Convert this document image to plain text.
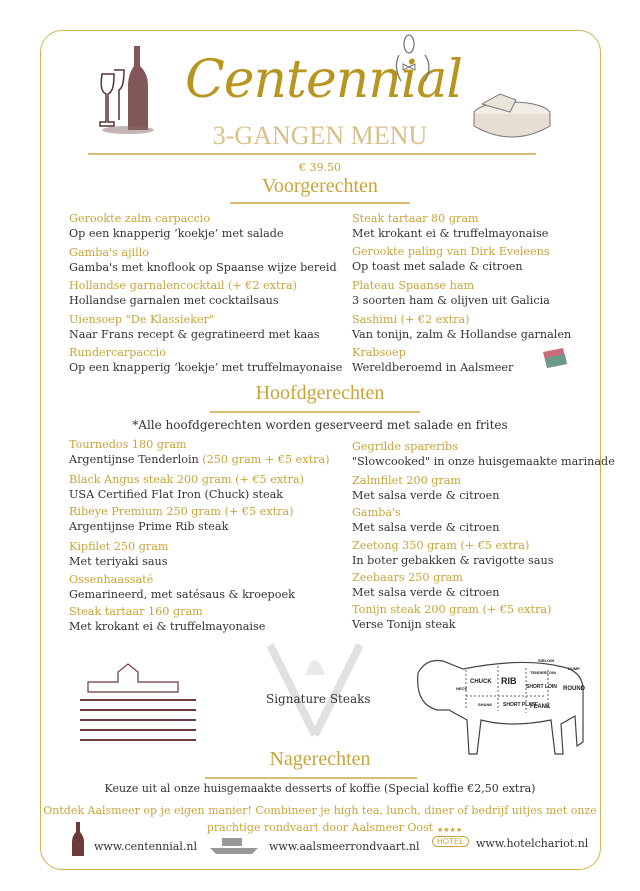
Centennial
3-GANGEN MENU
€ 39.50
Voorgerechten
Gerookte zalm carpaccio
Op een knapperig ‘koekje’ met salade
Gamba's ajillo
Gamba's met knoflook op Spaanse wijze bereid
Hollandse garnalencocktail (+ €2 extra)
Hollandse garnalen met cocktailsaus
Uiensoep "De Klassieker"
Naar Frans recept & gegratineerd met kaas
Rundercarpaccio
Op een knapperig ‘koekje’ met truffelmayonaise
Steak tartaar 80 gram
Met krokant ei & truffelmayonaise
Gerookte paling van Dirk Eveleens
Op toast met salade & citroen
Plateau Spaanse ham
3 soorten ham & olijven uit Galicia
Sashimi (+ €2 extra)
Van tonijn, zalm & Hollandse garnalen
Krabsoep
Wereldberoemd in Aalsmeer
Hoofdgerechten
*Alle hoofdgerechten worden geserveerd met salade en frites
Tournedos 180 gram
Argentijnse Tenderloin (250 gram + €5 extra)
Black Angus steak 200 gram (+ €5 extra)
USA Certified Flat Iron (Chuck) steak
Ribeye Premium 250 gram (+ €5 extra)
Argentijnse Prime Rib steak
Kipfilet 250 gram
Met teriyaki saus
Ossenhaassaté
Gemarineerd, met satésaus & kroepoek
Steak tartaar 160 gram
Met krokant ei & truffelmayonaise
Gegrilde spareribs
"Slowcooked" in onze huisgemaakte marinade
Zalmfilet 200 gram
Met salsa verde & citroen
Gamba's
Met salsa verde & citroen
Zeetong 350 gram (+ €5 extra)
In boter gebakken & ravigotte saus
Zeebaars 250 gram
Met salsa verde & citroen
Tonijn steak 200 gram (+ €5 extra)
Verse Tonijn steak
Signature Steaks
CHUCK RIB
SHORT LOIN ROUND
SHORT PLATE
FLANK
NECK
SHANK
SIRLOIN
TENDERLOIN
RUMP
Nagerechten
Keuze uit al onze huisgemaakte desserts of koffie (Special koffie €2,50 extra)
Ontdek Aalsmeer op je eigen manier! Combineer je high tea, lunch, diner of bedrijf uitjes met onze
prachtige rondvaart door Aalsmeer Oost
www.centennial.nl	www.aalsmeerrondvaart.nl	HOTEL
★★★★
www.hotelchariot.nl
